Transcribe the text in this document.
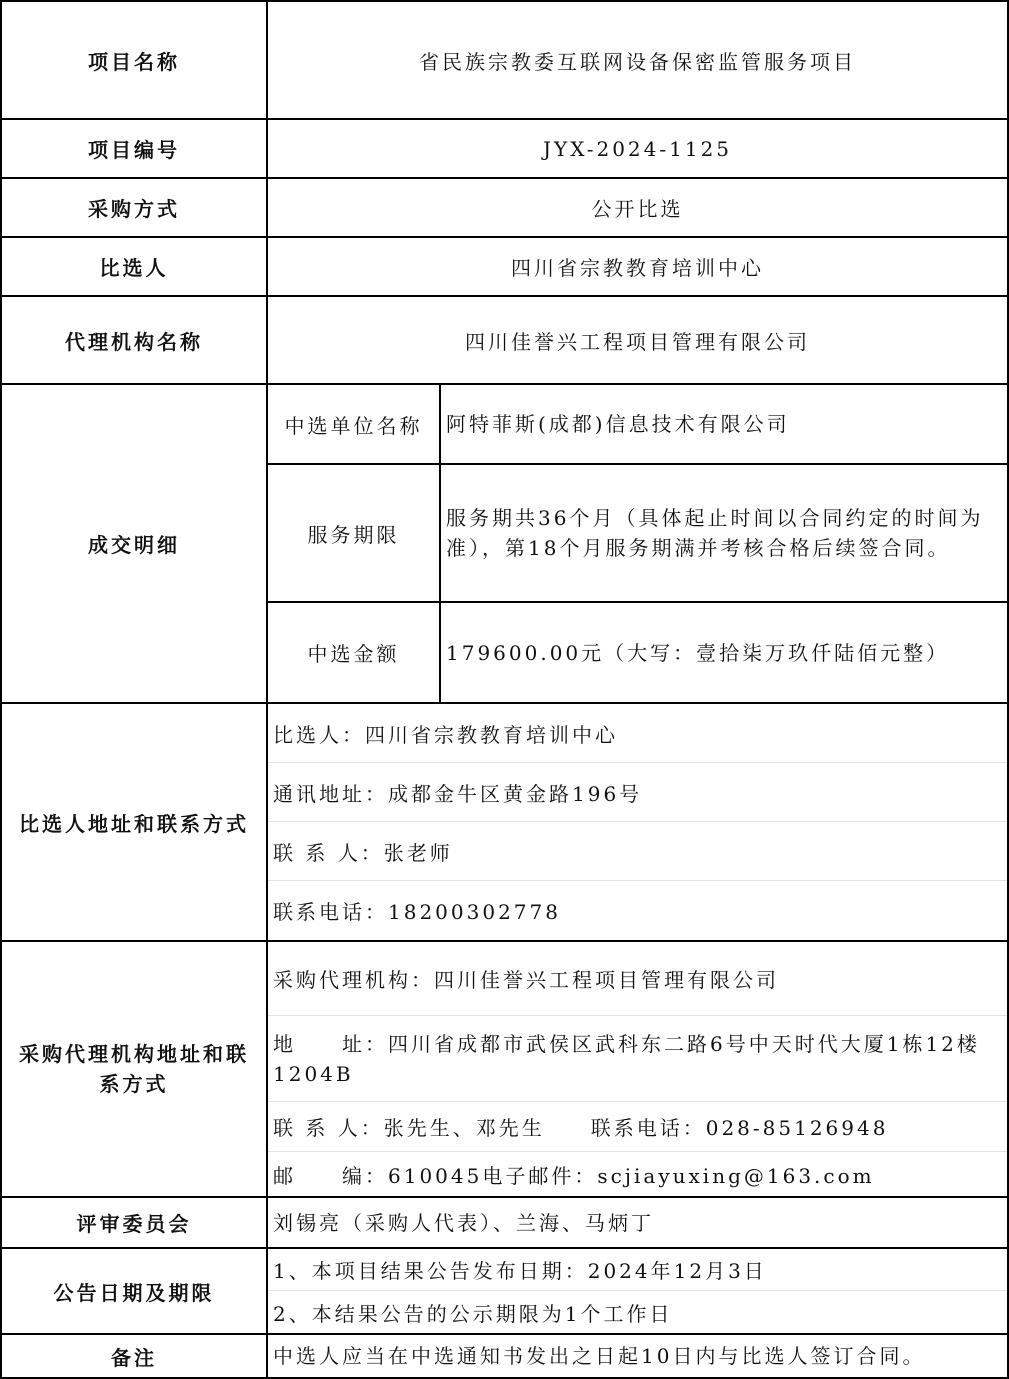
项目名称	省民族宗教委互联网设备保密监管服务项目	
项目编号	JYX-2024-1125	
采购方式	公开比选	
比选人	四川省宗教教育培训中心	
代理机构名称	四川佳誉兴工程项目管理有限公司	
成交明细	中选单位名称	阿特菲斯(成都)信息技术有限公司
	服务期限	服务期共36个月（具体起止时间以合同约定的时间为准），第18个月服务期满并考核合格后续签合同。
	中选金额	179600.00元（大写：壹拾柒万玖仟陆佰元整）
比选人地址和联系方式	比选人：四川省宗教教育培训中心
通讯地址：成都金牛区黄金路196号
联 系 人：张老师
联系电话：18200302778	

采购代理机构地址和联系方式	采购代理机构：四川佳誉兴工程项目管理有限公司
地　　址：四川省成都市武侯区武科东二路6号中天时代大厦1栋12楼1204B
联 系 人：张先生、邓先生　　联系电话：028-85126948
邮　　编：610045电子邮件：scjiayuxing@163.com	

评审委员会	刘锡亮（采购人代表）、兰海、马炳丁	
公告日期及期限	1、本项目结果公告发布日期：2024年12月3日
2、本结果公告的公示期限为1个工作日	

备注	中选人应当在中选通知书发出之日起10日内与比选人签订合同。	
